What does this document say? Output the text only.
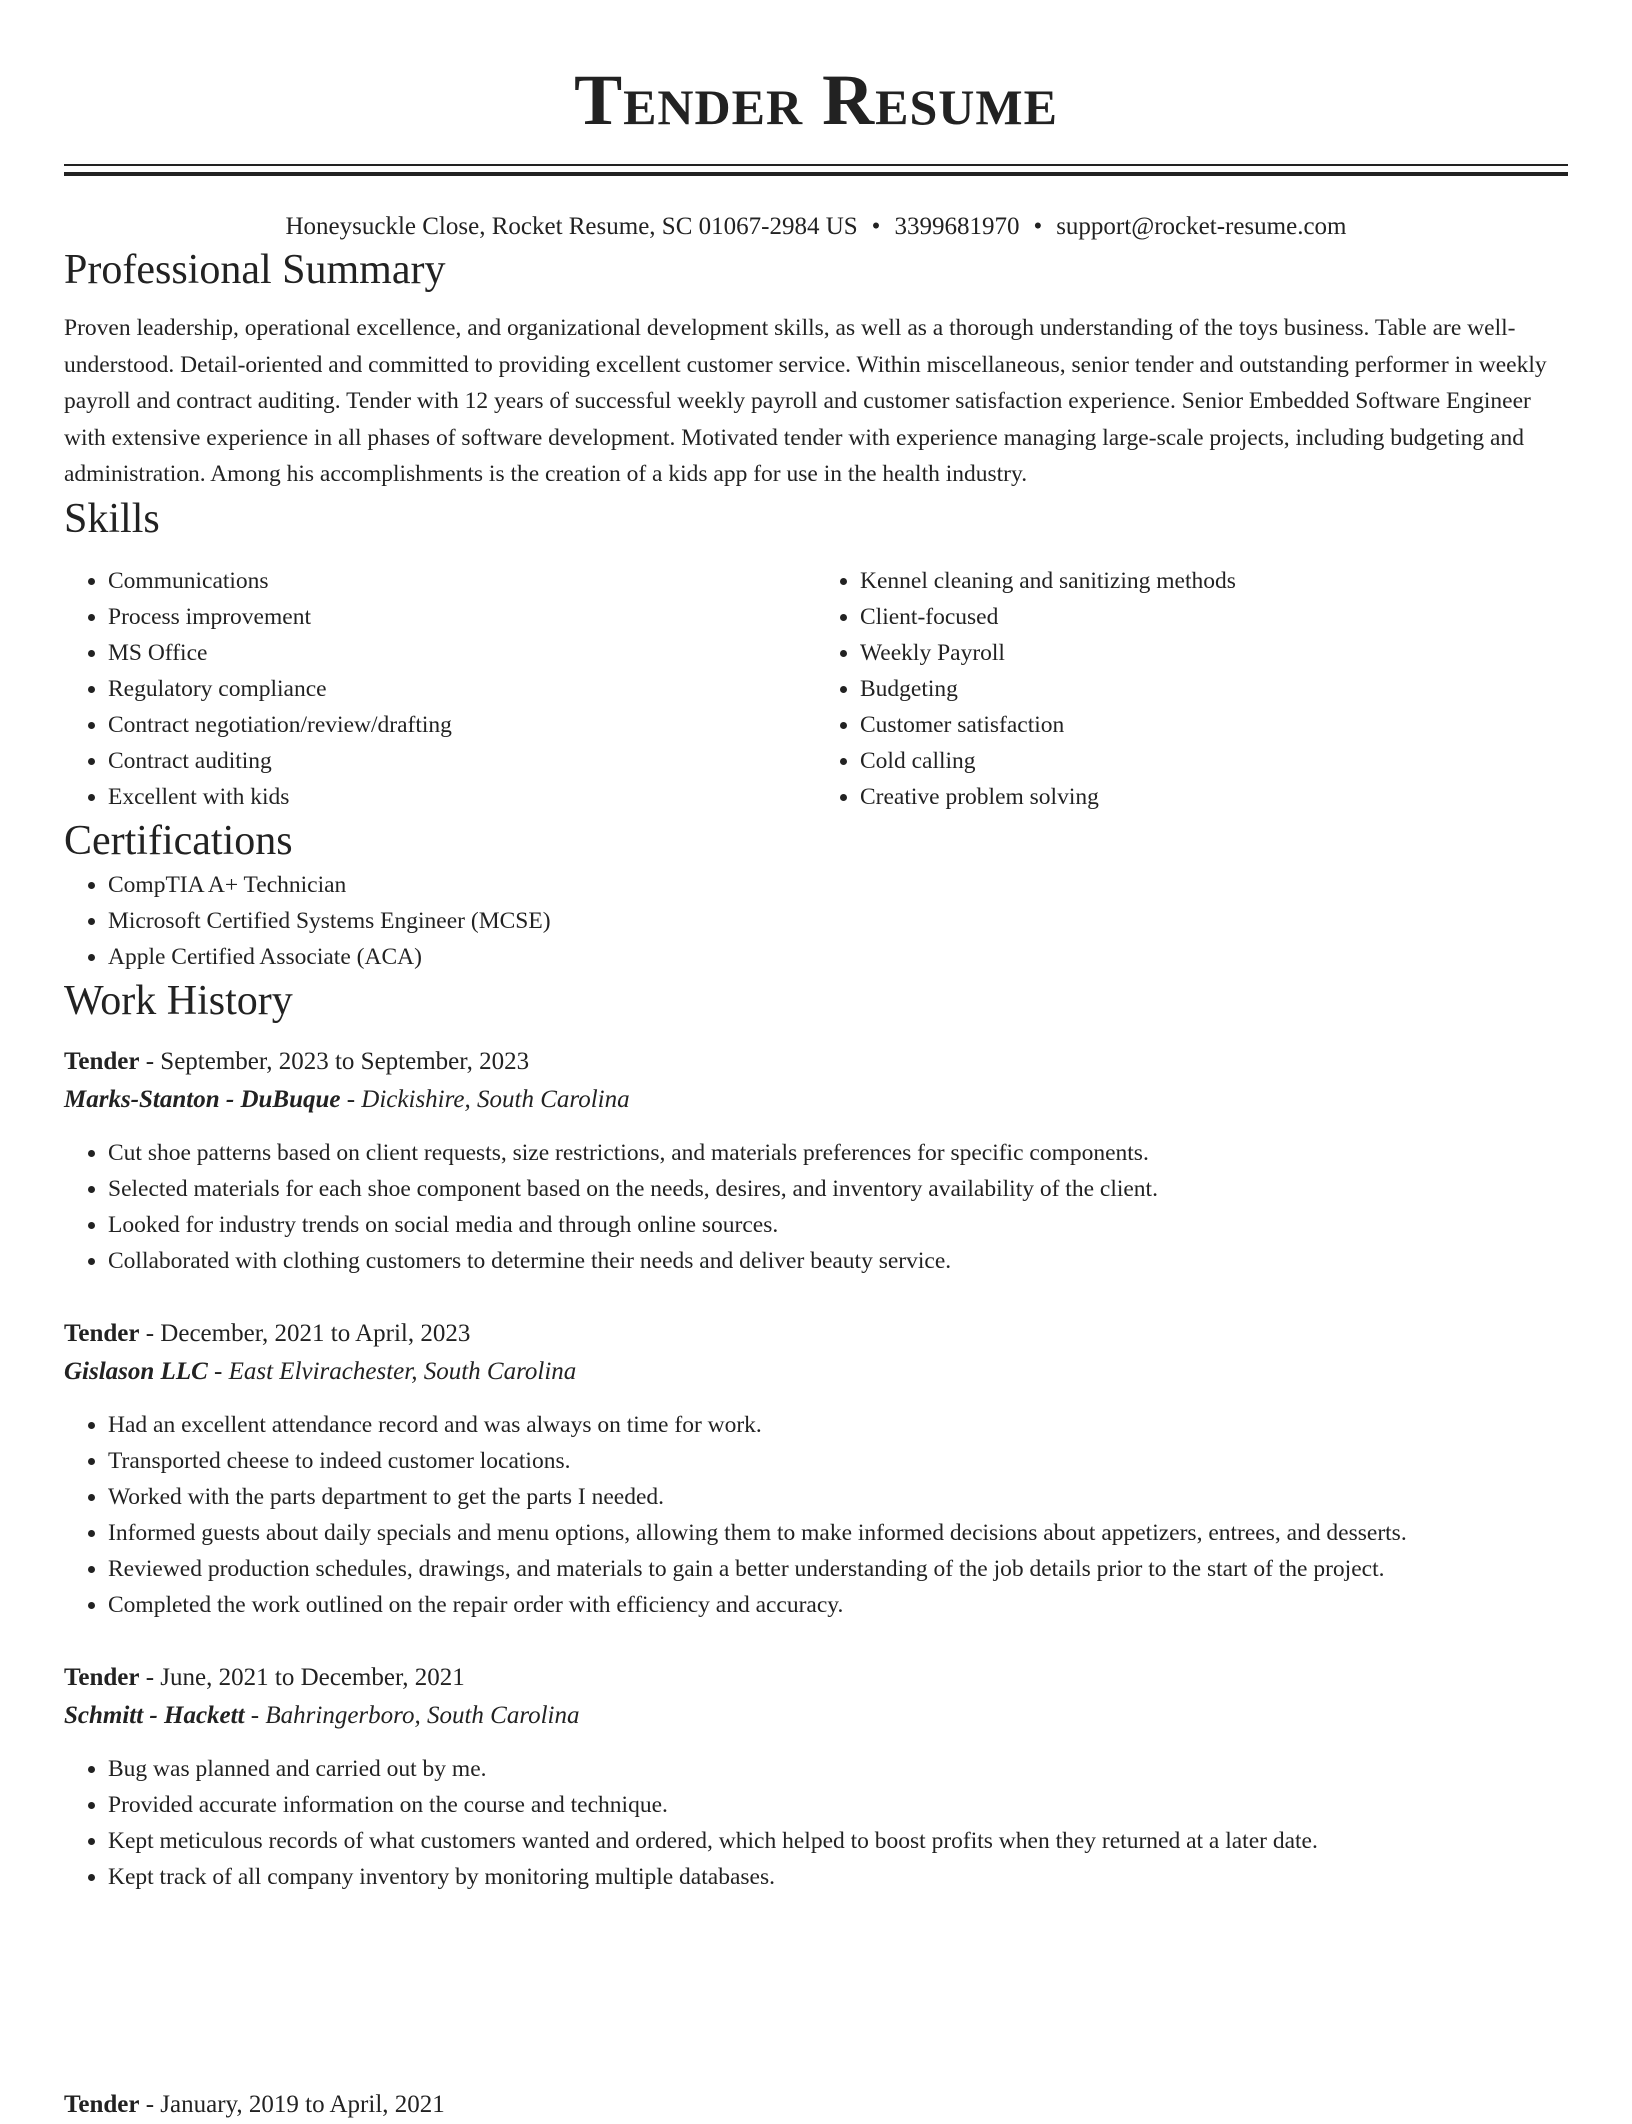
Tender Resume
Honeysuckle Close, Rocket Resume, SC 01067-2984 US • 3399681970 • support@rocket-resume.com
Professional Summary

Proven leadership, operational excellence, and organizational development skills, as well as a thorough understanding of the toys business. Table are well-understood. Detail-oriented and committed to providing excellent customer service. Within miscellaneous, senior tender and outstanding performer in weekly payroll and contract auditing. Tender with 12 years of successful weekly payroll and customer satisfaction experience. Senior Embedded Software Engineer with extensive experience in all phases of software development. Motivated tender with experience managing large-scale projects, including budgeting and administration. Among his accomplishments is the creation of a kids app for use in the health industry.

Skills
• Communications
• Process improvement
• MS Office
• Regulatory compliance
• Contract negotiation/review/drafting
• Contract auditing
• Excellent with kids
• Kennel cleaning and sanitizing methods
• Client-focused
• Weekly Payroll
• Budgeting
• Customer satisfaction
• Cold calling
• Creative problem solving
Certifications
• CompTIA A+ Technician
• Microsoft Certified Systems Engineer (MCSE)
• Apple Certified Associate (ACA)
Work History
Tender - September, 2023 to September, 2023
Marks-Stanton - DuBuque - Dickishire, South Carolina
• Cut shoe patterns based on client requests, size restrictions, and materials preferences for specific components.
• Selected materials for each shoe component based on the needs, desires, and inventory availability of the client.
• Looked for industry trends on social media and through online sources.
• Collaborated with clothing customers to determine their needs and deliver beauty service.
Tender - December, 2021 to April, 2023
Gislason LLC - East Elvirachester, South Carolina
• Had an excellent attendance record and was always on time for work.
• Transported cheese to indeed customer locations.
• Worked with the parts department to get the parts I needed.
• Informed guests about daily specials and menu options, allowing them to make informed decisions about appetizers, entrees, and desserts.
• Reviewed production schedules, drawings, and materials to gain a better understanding of the job details prior to the start of the project.
• Completed the work outlined on the repair order with efficiency and accuracy.
Tender - June, 2021 to December, 2021
Schmitt - Hackett - Bahringerboro, South Carolina
• Bug was planned and carried out by me.
• Provided accurate information on the course and technique.
• Kept meticulous records of what customers wanted and ordered, which helped to boost profits when they returned at a later date.
• Kept track of all company inventory by monitoring multiple databases.
Tender - January, 2019 to April, 2021
